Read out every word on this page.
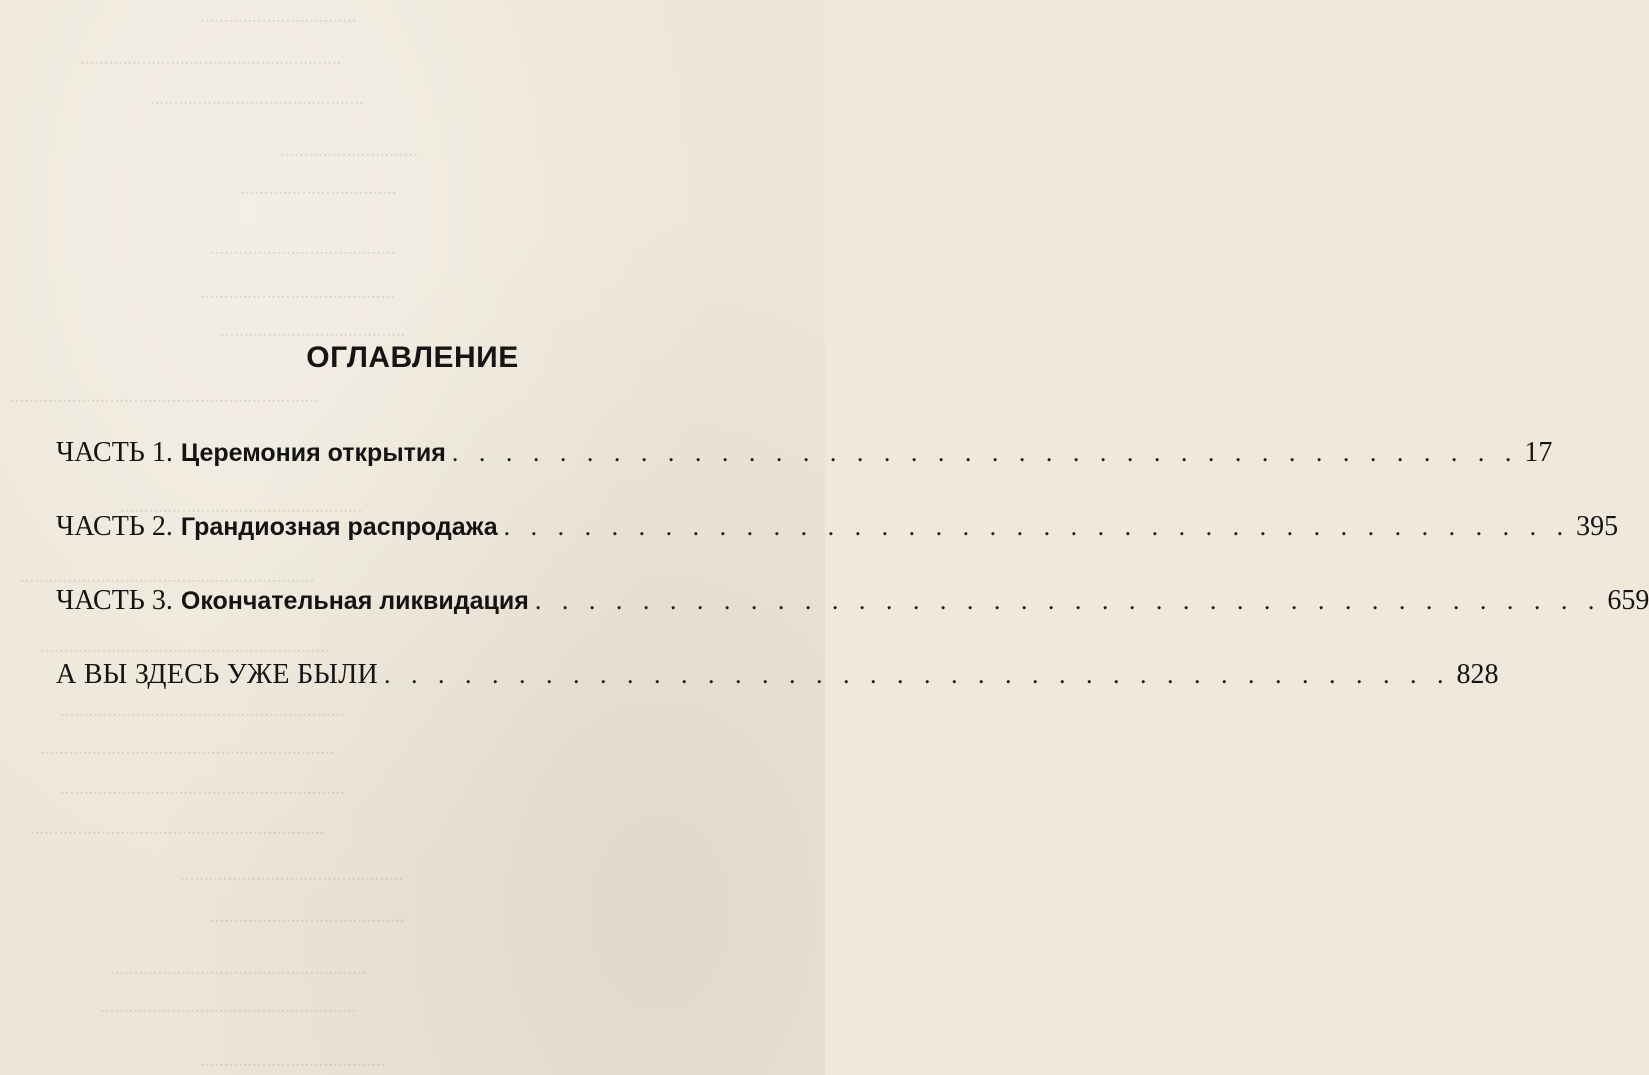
.................................
.......................................................
.............................................
.............................
.................................
.......................................
.........................................
.......................................
.................................................................
...................................................
..............................................................
.............................................................
............................................................
..............................................................
............................................................
..............................................................
...............................................
.........................................
......................................................
......................................................
.......................................
ОГЛАВЛЕНИЕ
ЧАСТЬ 1. Церемония открытия . . . . . . . . . . . . . . . . . . . . . . . . . . . . . . . . . . . . . . . . 17
ЧАСТЬ 2. Грандиозная распродажа . . . . . . . . . . . . . . . . . . . . . . . . . . . . . . . . . . . . . . . . 395
ЧАСТЬ 3. Окончательная ликвидация . . . . . . . . . . . . . . . . . . . . . . . . . . . . . . . . . . . . . . . . 659
А ВЫ ЗДЕСЬ УЖЕ БЫЛИ . . . . . . . . . . . . . . . . . . . . . . . . . . . . . . . . . . . . . . . . 828
